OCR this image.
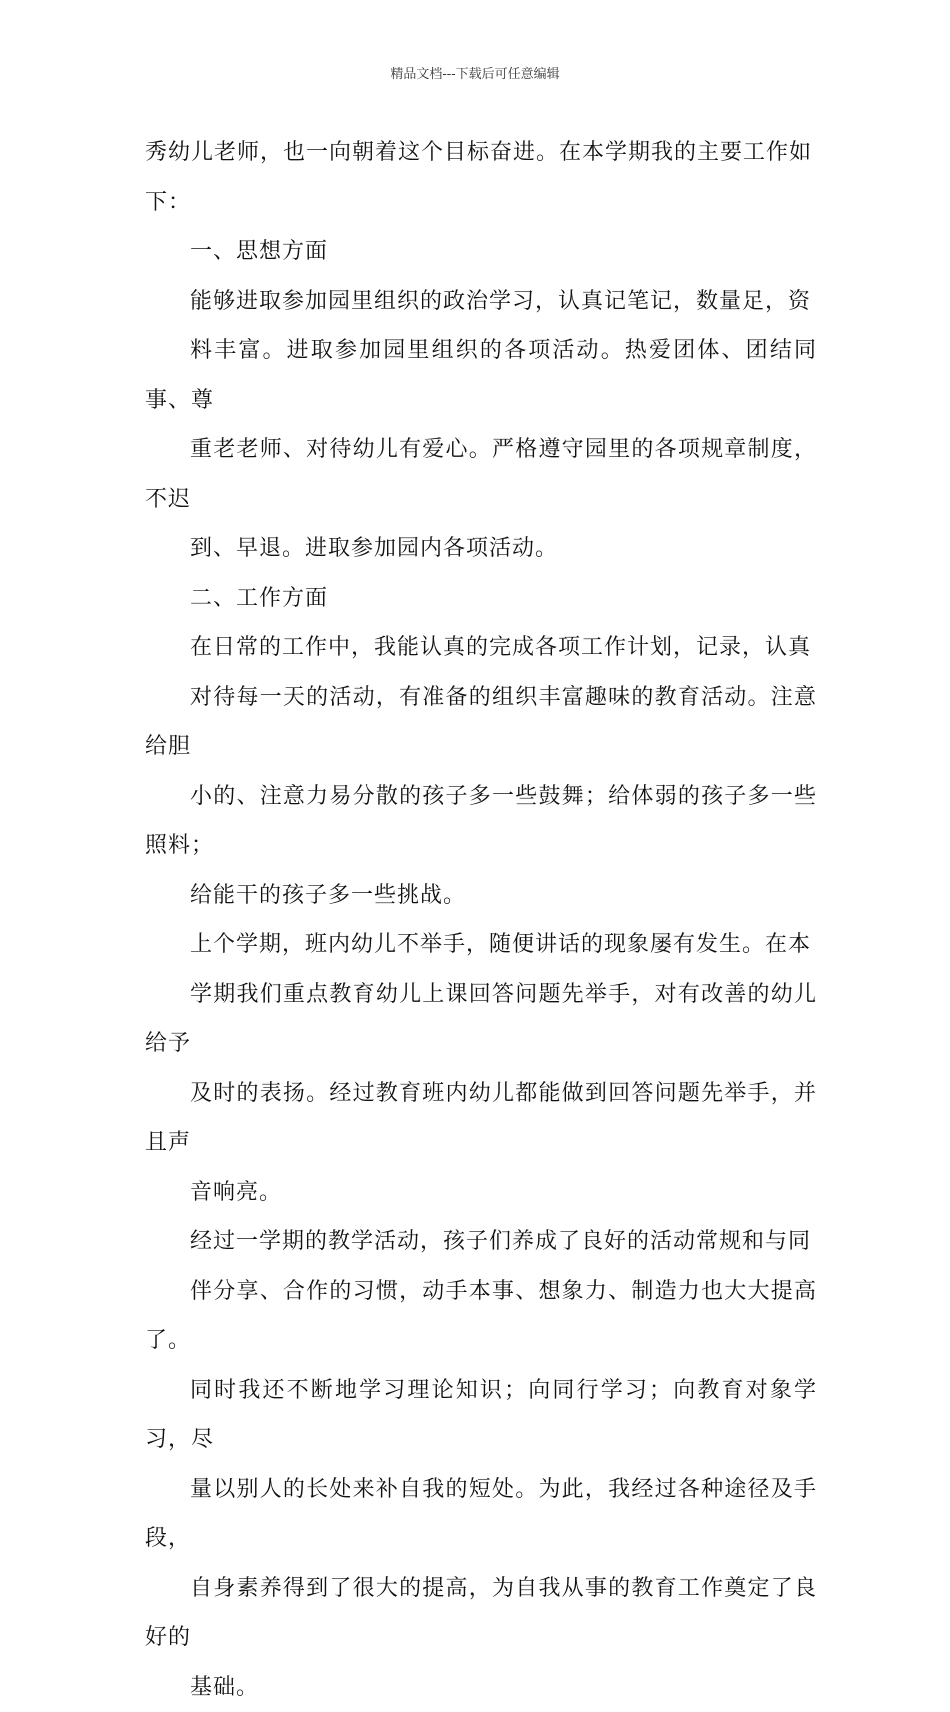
精品文档---下载后可任意编辑

秀幼儿老师，也一向朝着这个目标奋进。在本学期我的主要工作如
下：

一、思想方面

能够进取参加园里组织的政治学习，认真记笔记，数量足，资
料丰富。进取参加园里组织的各项活动。热爱团体、团结同事、尊
重老老师、对待幼儿有爱心。严格遵守园里的各项规章制度，不迟
到、早退。进取参加园内各项活动。

二、工作方面

在日常的工作中，我能认真的完成各项工作计划，记录，认真
对待每一天的活动，有准备的组织丰富趣味的教育活动。注意给胆
小的、注意力易分散的孩子多一些鼓舞；给体弱的孩子多一些照料；
给能干的孩子多一些挑战。

上个学期，班内幼儿不举手，随便讲话的现象屡有发生。在本
学期我们重点教育幼儿上课回答问题先举手，对有改善的幼儿给予
及时的表扬。经过教育班内幼儿都能做到回答问题先举手，并且声
音响亮。

经过一学期的教学活动，孩子们养成了良好的活动常规和与同
伴分享、合作的习惯，动手本事、想象力、制造力也大大提高了。
同时我还不断地学习理论知识；向同行学习；向教育对象学习，尽
量以别人的长处来补自我的短处。为此，我经过各种途径及手段，
自身素养得到了很大的提高，为自我从事的教育工作奠定了良好的
基础。
